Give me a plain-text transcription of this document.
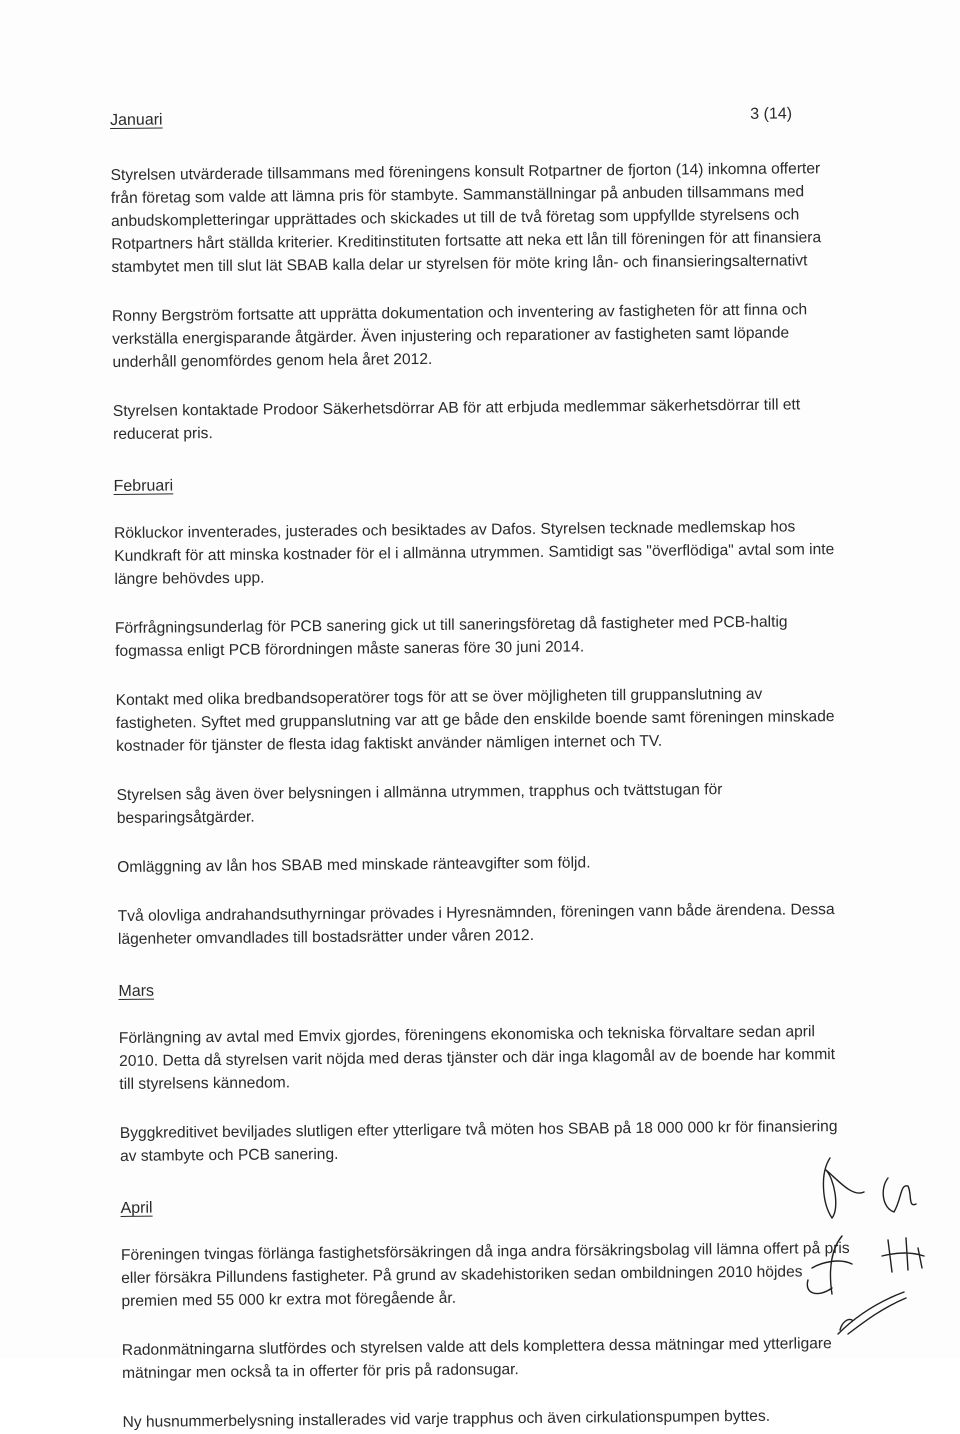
Januari	3 (14)

Styrelsen utvärderade tillsammans med föreningens konsult Rotpartner de fjorton (14) inkomna offerter från företag som valde att lämna pris för stambyte. Sammanställningar på anbuden tillsammans med anbudskompletteringar upprättades och skickades ut till de två företag som uppfyllde styrelsens och Rotpartners hårt ställda kriterier. Kreditinstituten fortsatte att neka ett lån till föreningen för att finansiera stambytet men till slut lät SBAB kalla delar ur styrelsen för möte kring lån- och finansieringsalternativt

Ronny Bergström fortsatte att upprätta dokumentation och inventering av fastigheten för att finna och verkställa energisparande åtgärder. Även injustering och reparationer av fastigheten samt löpande underhåll genomfördes genom hela året 2012.

Styrelsen kontaktade Prodoor Säkerhetsdörrar AB för att erbjuda medlemmar säkerhetsdörrar till ett reducerat pris.

Februari

Rökluckor inventerades, justerades och besiktades av Dafos. Styrelsen tecknade medlemskap hos Kundkraft för att minska kostnader för el i allmänna utrymmen. Samtidigt sas "överflödiga" avtal som inte längre behövdes upp.

Förfrågningsunderlag för PCB sanering gick ut till saneringsföretag då fastigheter med PCB-haltig fogmassa enligt PCB förordningen måste saneras före 30 juni 2014.

Kontakt med olika bredbandsoperatörer togs för att se över möjligheten till gruppanslutning av fastigheten. Syftet med gruppanslutning var att ge både den enskilde boende samt föreningen minskade kostnader för tjänster de flesta idag faktiskt använder nämligen internet och TV.

Styrelsen såg även över belysningen i allmänna utrymmen, trapphus och tvättstugan för besparingsåtgärder.

Omläggning av lån hos SBAB med minskade ränteavgifter som följd.

Två olovliga andrahandsuthyrningar prövades i Hyresnämnden, föreningen vann både ärendena. Dessa lägenheter omvandlades till bostadsrätter under våren 2012.

Mars

Förlängning av avtal med Emvix gjordes, föreningens ekonomiska och tekniska förvaltare sedan april 2010. Detta då styrelsen varit nöjda med deras tjänster och där inga klagomål av de boende har kommit till styrelsens kännedom.

Byggkreditivet beviljades slutligen efter ytterligare två möten hos SBAB på 18 000 000 kr för finansiering av stambyte och PCB sanering.

April

Föreningen tvingas förlänga fastighetsförsäkringen då inga andra försäkringsbolag vill lämna offert på pris eller försäkra Pillundens fastigheter. På grund av skadehistoriken sedan ombildningen 2010 höjdes premien med 55 000 kr extra mot föregående år.

Radonmätningarna slutfördes och styrelsen valde att dels komplettera dessa mätningar med ytterligare mätningar men också ta in offerter för pris på radonsugar.

Ny husnummerbelysning installerades vid varje trapphus och även cirkulationspumpen byttes.
